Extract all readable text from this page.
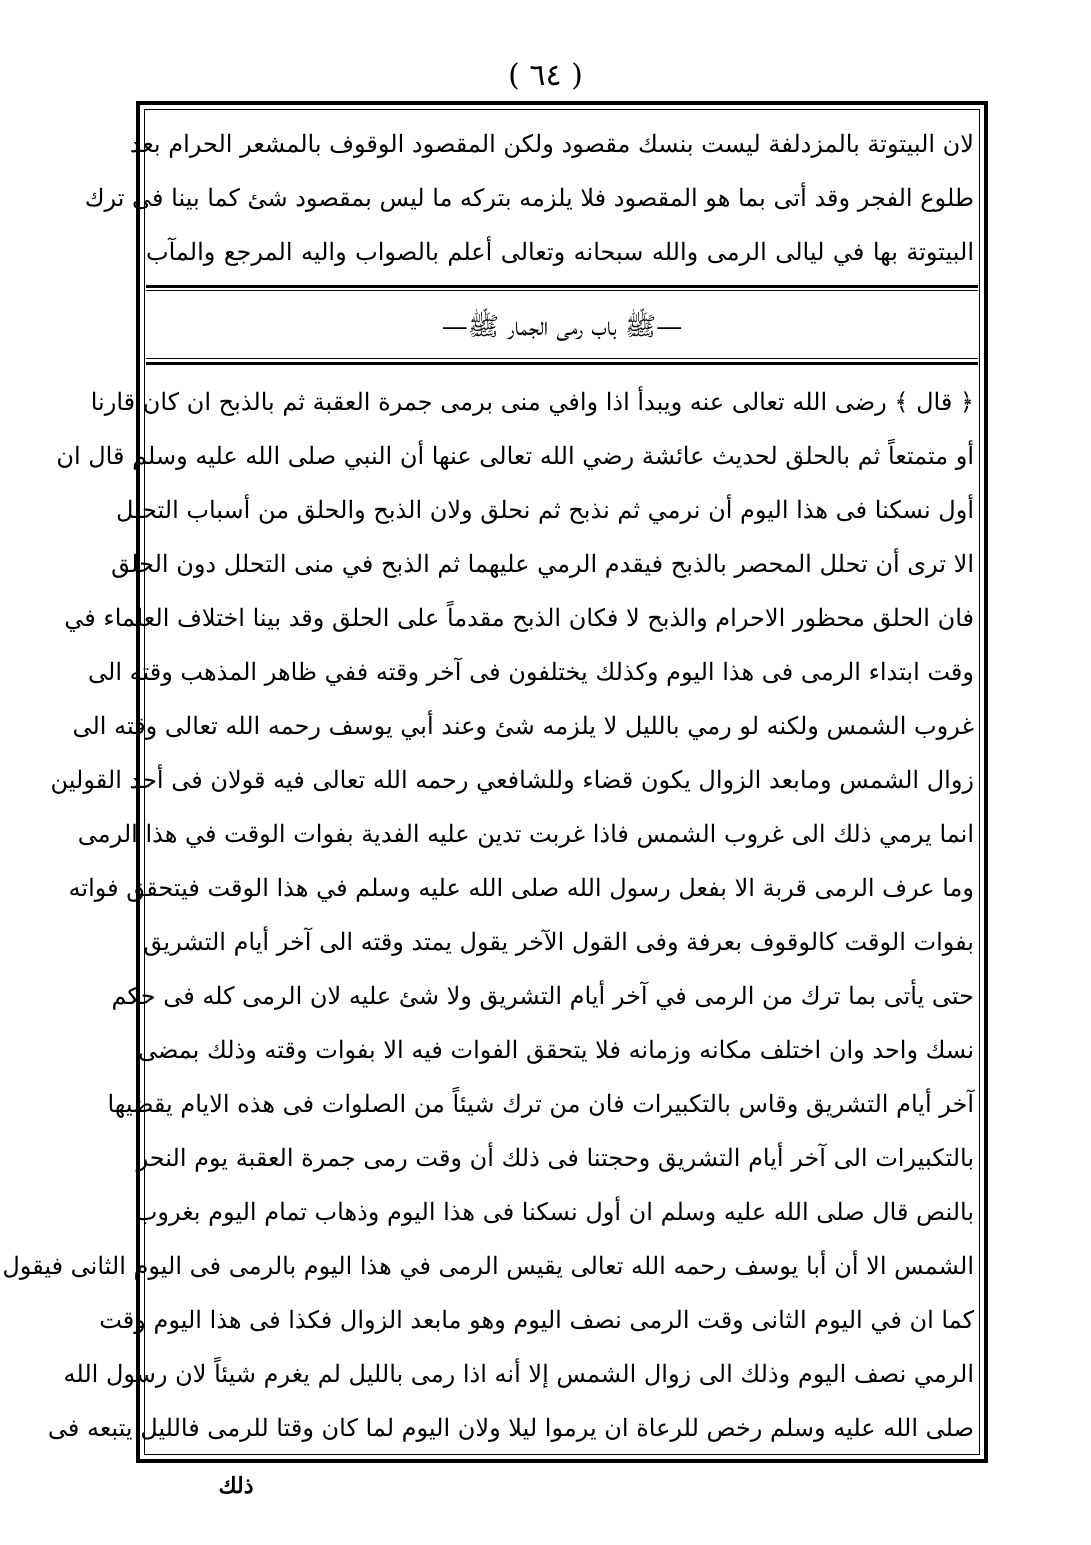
( ٦٤ )
لان البيتوتة بالمزدلفة ليست بنسك مقصود ولكن المقصود الوقوف بالمشعر الحرام بعد
طلوع الفجر وقد أتى بما هو المقصود فلا يلزمه بتركه ما ليس بمقصود شئ كما بينا فى ترك
البيتوتة بها في ليالى الرمى والله سبحانه وتعالى أعلم بالصواب واليه المرجع والمآب
—ﷺ باب رمى الجمار ﷺ—
﴿ قال ﴾ رضى الله تعالى عنه ويبدأ اذا وافي منى برمى جمرة العقبة ثم بالذبح ان كان قارنا
أو متمتعاً ثم بالحلق لحديث عائشة رضي الله تعالى عنها أن النبي صلى الله عليه وسلم قال ان
أول نسكنا فى هذا اليوم أن نرمي ثم نذبح ثم نحلق ولان الذبح والحلق من أسباب التحلل
الا ترى أن تحلل المحصر بالذبح فيقدم الرمي عليهما ثم الذبح في منى التحلل دون الحلق
فان الحلق محظور الاحرام والذبح لا فكان الذبح مقدماً على الحلق وقد بينا اختلاف العلماء في
وقت ابتداء الرمى فى هذا اليوم وكذلك يختلفون فى آخر وقته ففي ظاهر المذهب وقته الى
غروب الشمس ولكنه لو رمي بالليل لا يلزمه شئ وعند أبي يوسف رحمه الله تعالى وقته الى
زوال الشمس ومابعد الزوال يكون قضاء وللشافعي رحمه الله تعالى فيه قولان فى أحد القولين
انما يرمي ذلك الى غروب الشمس فاذا غربت تدين عليه الفدية بفوات الوقت في هذا الرمى
وما عرف الرمى قربة الا بفعل رسول الله صلى الله عليه وسلم في هذا الوقت فيتحقق فواته
بفوات الوقت كالوقوف بعرفة وفى القول الآخر يقول يمتد وقته الى آخر أيام التشريق
حتى يأتى بما ترك من الرمى في آخر أيام التشريق ولا شئ عليه لان الرمى كله فى حكم
نسك واحد وان اختلف مكانه وزمانه فلا يتحقق الفوات فيه الا بفوات وقته وذلك بمضى
آخر أيام التشريق وقاس بالتكبيرات فان من ترك شيئاً من الصلوات فى هذه الايام يقضيها
بالتكبيرات الى آخر أيام التشريق وحجتنا فى ذلك أن وقت رمى جمرة العقبة يوم النحر
بالنص قال صلى الله عليه وسلم ان أول نسكنا فى هذا اليوم وذهاب تمام اليوم بغروب
الشمس الا أن أبا يوسف رحمه الله تعالى يقيس الرمى في هذا اليوم بالرمى فى اليوم الثانى فيقول
كما ان في اليوم الثانى وقت الرمى نصف اليوم وهو مابعد الزوال فكذا فى هذا اليوم وقت
الرمي نصف اليوم وذلك الى زوال الشمس إلا أنه اذا رمى بالليل لم يغرم شيئاً لان رسول الله
صلى الله عليه وسلم رخص للرعاة ان يرموا ليلا ولان اليوم لما كان وقتا للرمى فالليل يتبعه فى
ذلك
